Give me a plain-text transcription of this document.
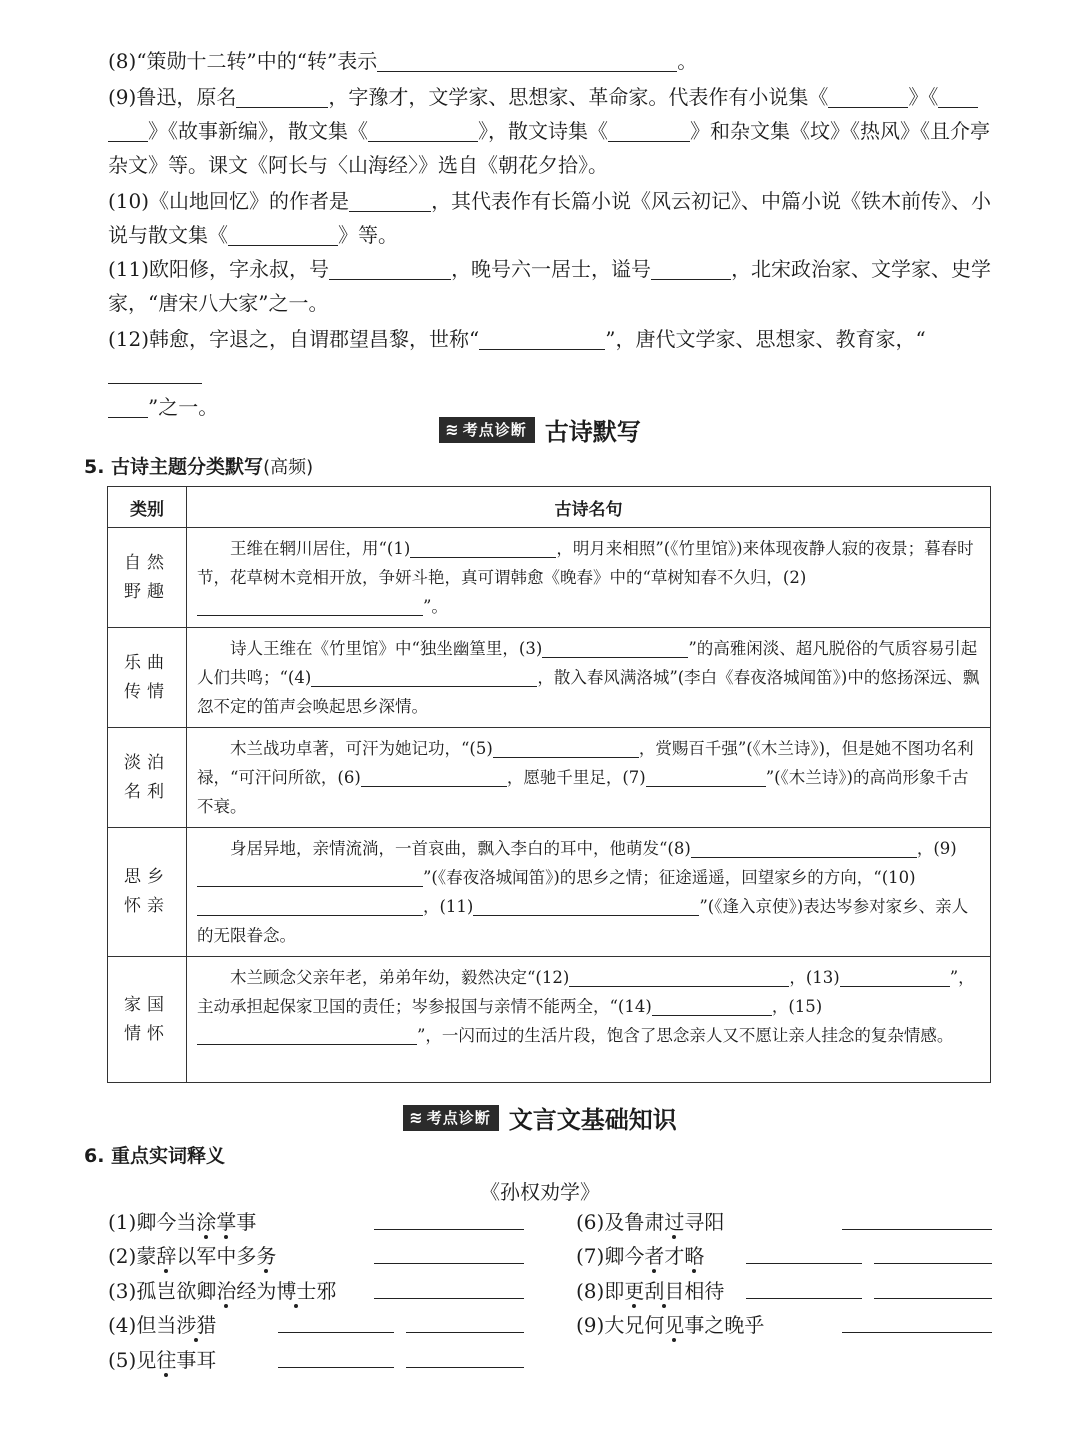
(8)“策勋十二转”中的“转”表示	。

(9)鲁迅，原名	，字豫才，文学家、思想家、革命家。代表作有小说集《	》《
》《故事新编》，散文集《	》，散文诗集《	》和杂文集《坟》《热风》《且介亭杂文》等。课文《阿长与〈山海经〉》选自《朝花夕拾》。

(10)《山地回忆》的作者是	，其代表作有长篇小说《风云初记》、中篇小说《铁木前传》、小说与散文集《	》等。

(11)欧阳修，字永叔，号	，晚号六一居士，谥号	，北宋政治家、文学家、史学家，“唐宋八大家”之一。

(12)韩愈，字退之，自谓郡望昌黎，世称“	”，唐代文学家、思想家、教育家，“
”之一。

≋ 考点诊断 古诗默写
5. 古诗主题分类默写(高频)
类别	古诗名句
自然
野趣	王维在辋川居住，用“(1) ，明月来相照”(《竹里馆》)来体现夜静人寂的夜景；暮春时节，花草树木竞相开放，争妍斗艳，真可谓韩愈《晚春》中的“草树知春不久归，(2)”。
乐曲
传情	诗人王维在《竹里馆》中“独坐幽篁里，(3) ”的高雅闲淡、超凡脱俗的气质容易引起人们共鸣；“(4) ，散入春风满洛城”(李白《春夜洛城闻笛》)中的悠扬深远、飘忽不定的笛声会唤起思乡深情。
淡泊
名利	木兰战功卓著，可汗为她记功，“(5) ，赏赐百千强”(《木兰诗》)，但是她不图功名利禄，“可汗问所欲，(6) ，愿驰千里足，(7) ”(《木兰诗》)的高尚形象千古不衰。
思乡
怀亲	身居异地，亲情流淌，一首哀曲，飘入李白的耳中，他萌发“(8) ，(9)”(《春夜洛城闻笛》)的思乡之情；征途遥遥，回望家乡的方向，“(10)，(11) ”(《逢入京使》)表达岑参对家乡、亲人的无限眷念。
家国
情怀	木兰顾念父亲年老，弟弟年幼，毅然决定“(12) ，(13) ”，主动承担起保家卫国的责任；岑参报国与亲情不能两全，“(14) ，(15)”，一闪而过的生活片段，饱含了思念亲人又不愿让亲人挂念的复杂情感。
≋ 考点诊断 文言文基础知识
6. 重点实词释义
《孙权劝学》
(1)卿今当涂掌事
(2)蒙辞以军中多务
(3)孤岂欲卿治经为博士邪
(4)但当涉猎
(5)见往事耳
(6)及鲁肃过寻阳
(7)卿今者才略
(8)即更刮目相待
(9)大兄何见事之晚乎
